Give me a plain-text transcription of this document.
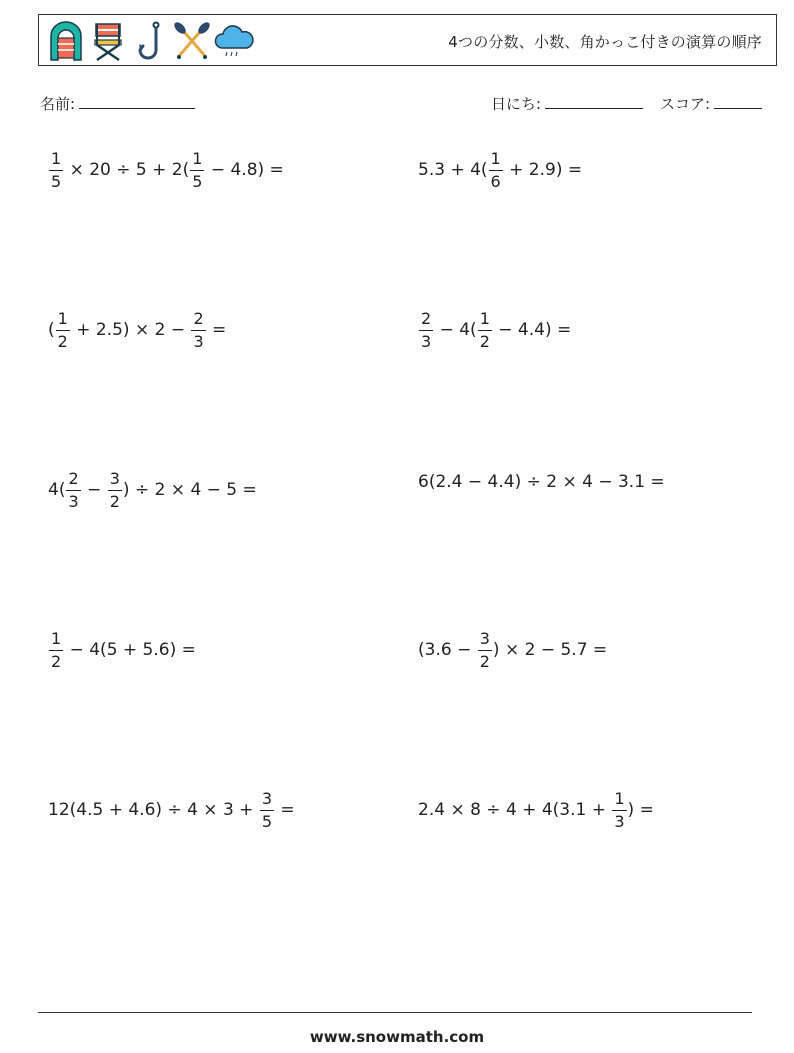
4つの分数、小数、角かっこ付きの演算の順序
名前:	日にち:	スコア:
$\frac{1}{5} \times 20 \div 5 + 2( \frac{1}{5} - 4.8)$ =	$5.3 + 4( \frac{1}{6} + 2.9)$ =
( $\frac{1}{2} + 2.5) \times 2 - \frac{2}{3}$ =	$\frac{2}{3} - 4( \frac{1}{2} - 4.4)$ =
$4( \frac{2}{3} - \frac{3}{2}$ ) ÷ 2 × 4 − 5 =	6(2.4 − 4.4) ÷ 2 × 4 − 3.1 =
$\frac{1}{2} - 4(5 + 5.6)$ =	($3.6 - \frac{3}{2}$ ) × 2 − 5.7 =
$12(4.5 + 4.6) \div 4 \times 3 + \frac{3}{5}$ =	$2.4 \times 8 \div 4 + 4(3.1 + \frac{1}{3}$ ) =
www.snowmath.com
